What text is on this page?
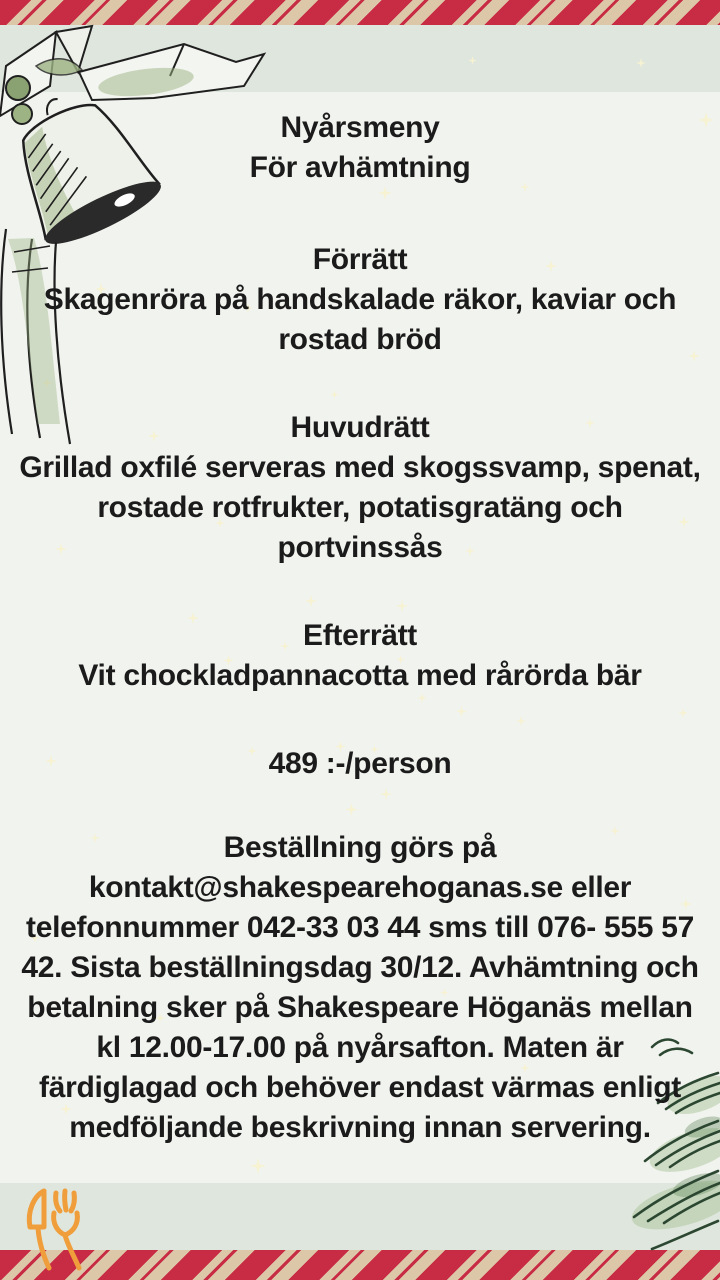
Nyårsmeny
För avhämtning
Förrätt
Skagenröra på handskalade räkor, kaviar och
rostad bröd
Huvudrätt
Grillad oxfilé serveras med skogssvamp, spenat,
rostade rotfrukter, potatisgratäng och
portvinssås
Efterrätt
Vit chockladpannacotta med rårörda bär
489 :-/person
Beställning görs på
kontakt@shakespearehoganas.se eller
telefonnummer 042-33 03 44 sms till 076- 555 57
42. Sista beställningsdag 30/12. Avhämtning och
betalning sker på Shakespeare Höganäs mellan
kl 12.00-17.00 på nyårsafton. Maten är
färdiglagad och behöver endast värmas enligt
medföljande beskrivning innan servering.
